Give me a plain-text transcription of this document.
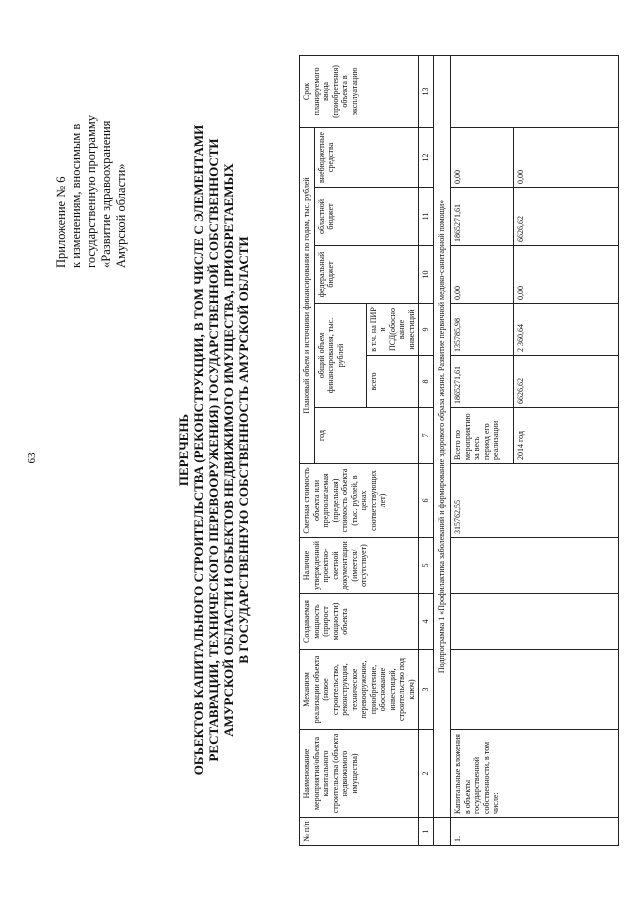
63
Приложение № 6 к изменениям, вносимым в государственную программу «Развитие здравоохранения Амурской области»
ПЕРЕЧЕНЬ ОБЪЕКТОВ КАПИТАЛЬНОГО СТРОИТЕЛЬСТВА (РЕКОНСТРУКЦИИ, В ТОМ ЧИСЛЕ С ЭЛЕМЕНТАМИ РЕСТАВРАЦИИ, ТЕХНИЧЕСКОГО ПЕРЕВООРУЖЕНИЯ) ГОСУДАРСТВЕННОЙ СОБСТВЕННОСТИ АМУРСКОЙ ОБЛАСТИ И ОБЪЕКТОВ НЕДВИЖИМОГО ИМУЩЕСТВА, ПРИОБРЕТАЕМЫХ В ГОСУДАРСТВЕННУЮ СОБСТВЕННОСТЬ АМУРСКОЙ ОБЛАСТИ
№ п/п	Наименование мероприятия/объекта капитального строительства (объекта недвижимого имущества)	Механизм реализации объекта (новое строительство, реконструкция, техническое перевооружение, приобретение, обоснование инвестиций, строительство под ключ)	Создаваемая мощность (прирост мощности) объекта	Наличие утвержденной проектно-сметной документации (имеется/отсутствует)	Сметная стоимость объекта или предполагаемая (предельная) стоимость объекта (тыс. рублей, в ценах соответствующих лет)	Плановый объем и источники финансирования по годам, тыс. рублей						Срок планируемого ввода (приобретения) объекта в эксплуатацию
						год	общий объем финансирования, тыс. рублей		федеральный бюджет	областной бюджет	внебюджетные средства	
							всего	в т.ч. на ПИР и ПСД(обоснование инвестиций				
1	2	3	4	5	6	7	8	9	10	11	12	13
	Подпрограмма 1 «Профилактика заболеваний и формирование здорового образа жизни. Развитие первичной медико-санитарной помощи»											
1.	Капитальные вложения в объекты государственной собственности, в том числе:				315762,55	Всего по мероприятию за весь период его реализации	1865271,61	135785,98	0,00	1865271,61	0,00	
						2014 год	6626,62	2 360,64	0,00	6626,62	0,00	
